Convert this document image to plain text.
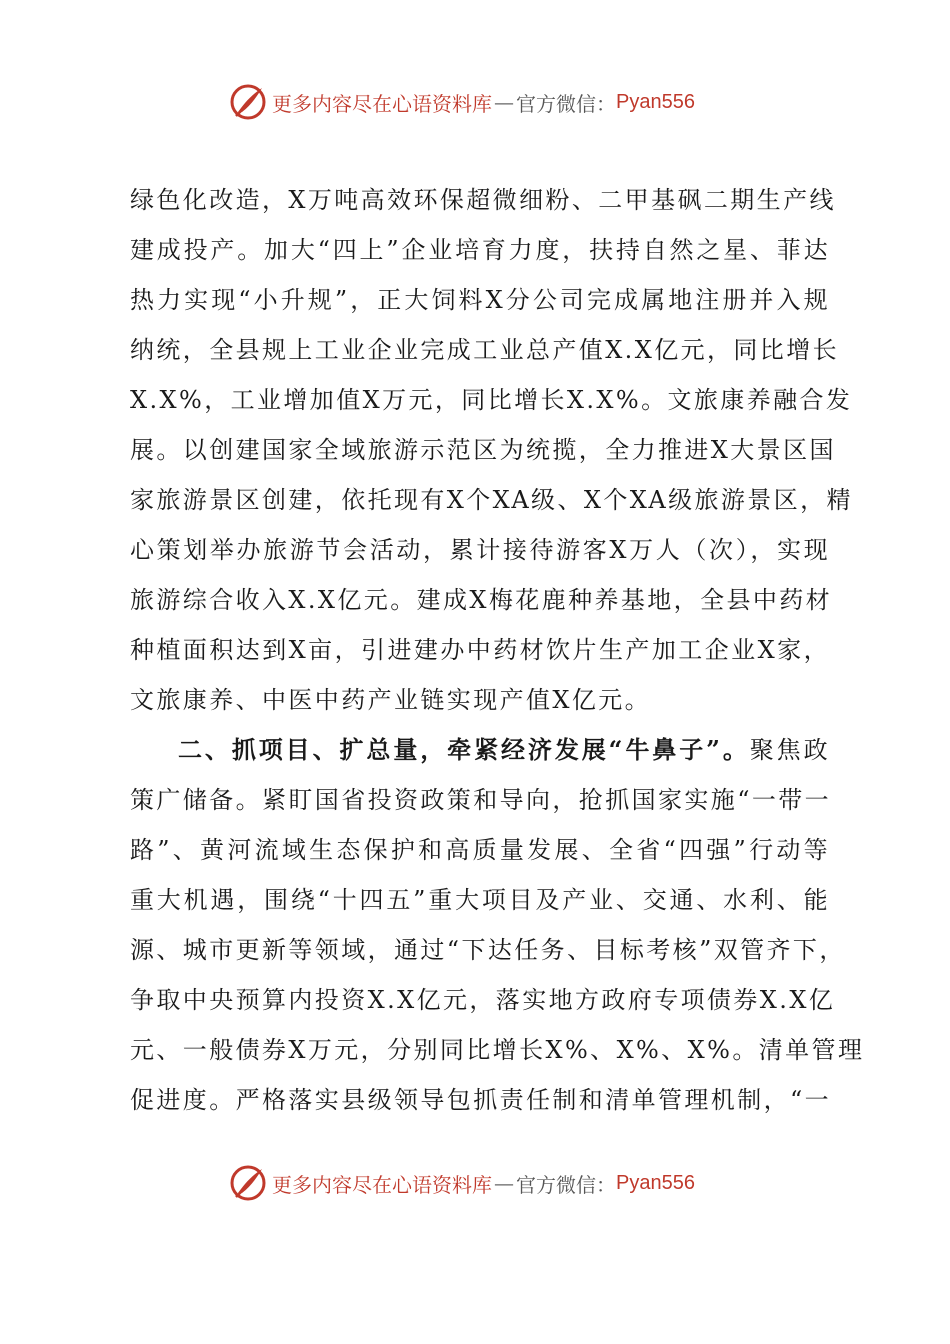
更多内容尽在心语资料库 — 官方微信： Pyan556
绿色化改造，X万吨高效环保超微细粉、二甲基砜二期生产线
建成投产。加大“四上”企业培育力度，扶持自然之星、菲达
热力实现“小升规”，正大饲料X分公司完成属地注册并入规
纳统，全县规上工业企业完成工业总产值X.X亿元，同比增长
X.X%，工业增加值X万元，同比增长X.X%。文旅康养融合发
展。以创建国家全域旅游示范区为统揽，全力推进X大景区国
家旅游景区创建，依托现有X个XA级、X个XA级旅游景区，精
心策划举办旅游节会活动，累计接待游客X万人（次），实现
旅游综合收入X.X亿元。建成X梅花鹿种养基地，全县中药材
种植面积达到X亩，引进建办中药材饮片生产加工企业X家，
文旅康养、中医中药产业链实现产值X亿元。
二、抓项目、扩总量，牵紧经济发展“牛鼻子”。聚焦政
策广储备。紧盯国省投资政策和导向，抢抓国家实施“一带一
路”、黄河流域生态保护和高质量发展、全省“四强”行动等
重大机遇，围绕“十四五”重大项目及产业、交通、水利、能
源、城市更新等领域，通过“下达任务、目标考核”双管齐下，
争取中央预算内投资X.X亿元，落实地方政府专项债券X.X亿
元、一般债券X万元，分别同比增长X%、X%、X%。清单管理
促进度。严格落实县级领导包抓责任制和清单管理机制，“一
更多内容尽在心语资料库 — 官方微信： Pyan556
